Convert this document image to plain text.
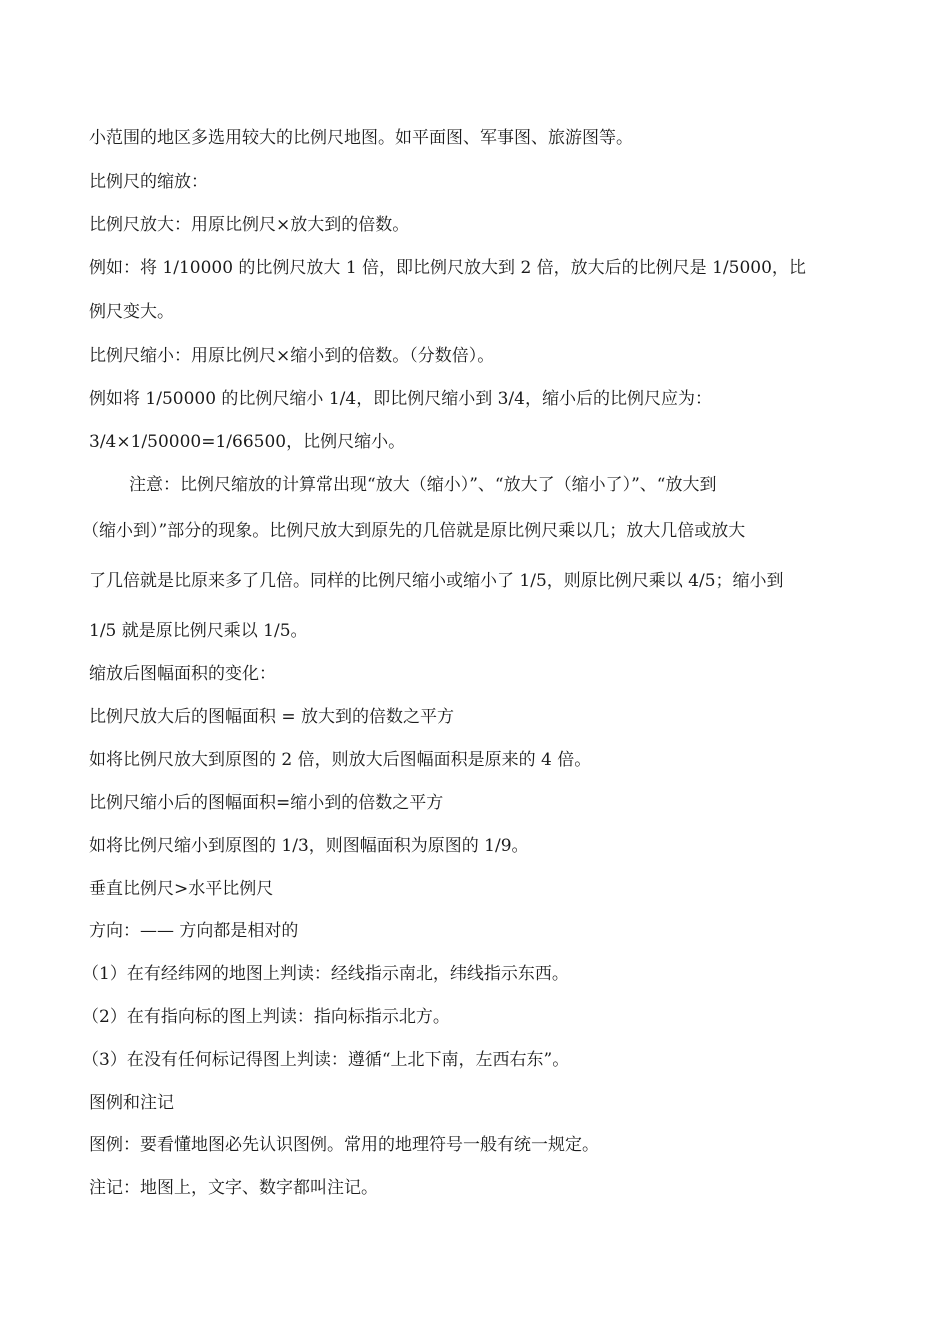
小范围的地区多选用较大的比例尺地图。如平面图、军事图、旅游图等。
比例尺的缩放：
比例尺放大：用原比例尺×放大到的倍数。
例如：将 1/10000 的比例尺放大 1 倍，即比例尺放大到 2 倍，放大后的比例尺是 1/5000，比
例尺变大。
比例尺缩小：用原比例尺×缩小到的倍数。（分数倍）。
例如将 1/50000 的比例尺缩小 1/4，即比例尺缩小到 3/4，缩小后的比例尺应为：
3/4×1/50000=1/66500，比例尺缩小。
注意：比例尺缩放的计算常出现“放大（缩小）”、“放大了（缩小了）”、“放大到
（缩小到）”部分的现象。比例尺放大到原先的几倍就是原比例尺乘以几；放大几倍或放大
了几倍就是比原来多了几倍。同样的比例尺缩小或缩小了 1/5，则原比例尺乘以 4/5；缩小到
1/5 就是原比例尺乘以 1/5。
缩放后图幅面积的变化：
比例尺放大后的图幅面积 = 放大到的倍数之平方
如将比例尺放大到原图的 2 倍，则放大后图幅面积是原来的 4 倍。
比例尺缩小后的图幅面积=缩小到的倍数之平方
如将比例尺缩小到原图的 1/3，则图幅面积为原图的 1/9。
垂直比例尺>水平比例尺
方向：—— 方向都是相对的
（1）在有经纬网的地图上判读：经线指示南北，纬线指示东西。
（2）在有指向标的图上判读：指向标指示北方。
（3）在没有任何标记得图上判读：遵循“上北下南，左西右东”。
图例和注记
图例：要看懂地图必先认识图例。常用的地理符号一般有统一规定。
注记：地图上，文字、数字都叫注记。
